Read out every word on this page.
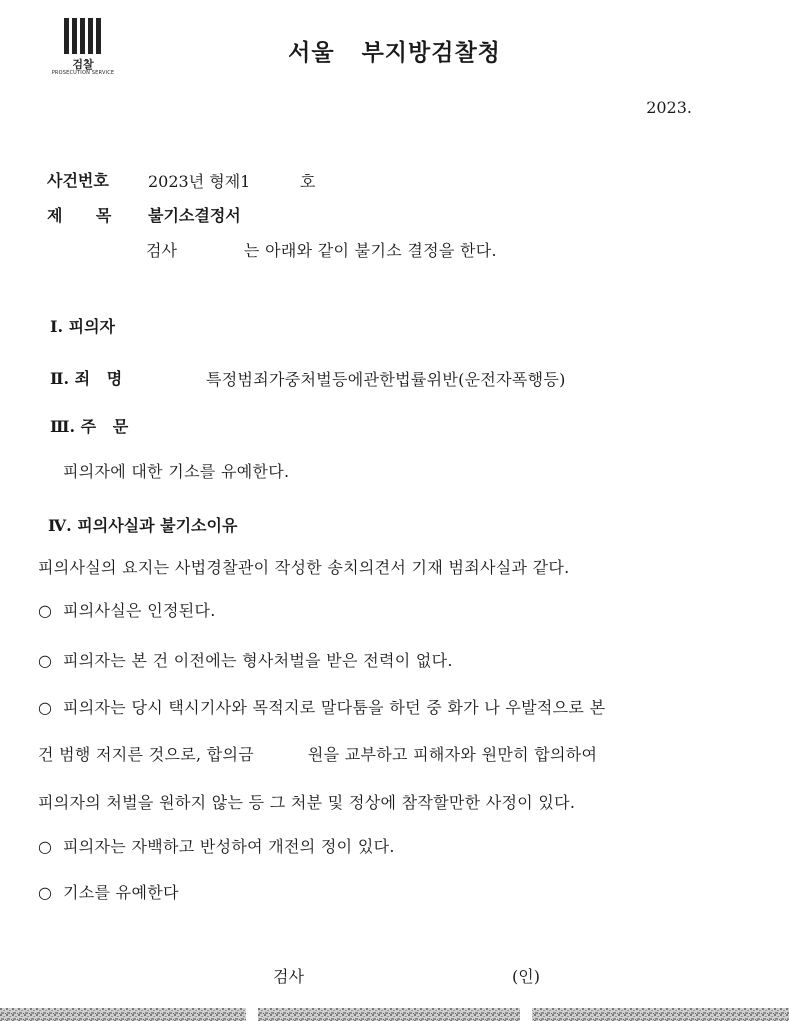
검찰
PROSECUTION SERVICE
서울   부지방검찰청
2023.
사건번호 2023년 형제1	호
제      목 불기소결정서
검사	는 아래와 같이 불기소 결정을 한다.
Ⅰ. 피의자
Ⅱ. 죄   명	특정범죄가중처벌등에관한법률위반(운전자폭행등)
Ⅲ. 주   문
피의자에 대한 기소를 유예한다.
Ⅳ. 피의사실과 불기소이유
피의사실의 요지는 사법경찰관이 작성한 송치의견서 기재 범죄사실과 같다.
○  피의사실은 인정된다.
○  피의자는 본 건 이전에는 형사처벌을 받은 전력이 없다.
○  피의자는 당시 택시기사와 목적지로 말다툼을 하던 중 화가 나 우발적으로 본
건 범행 저지른 것으로, 합의금          원을 교부하고 피해자와 원만히 합의하여
피의자의 처벌을 원하지 않는 등 그 처분 및 정상에 참작할만한 사정이 있다.
○  피의자는 자백하고 반성하여 개전의 정이 있다.
○  기소를 유예한다
검사	(인)
